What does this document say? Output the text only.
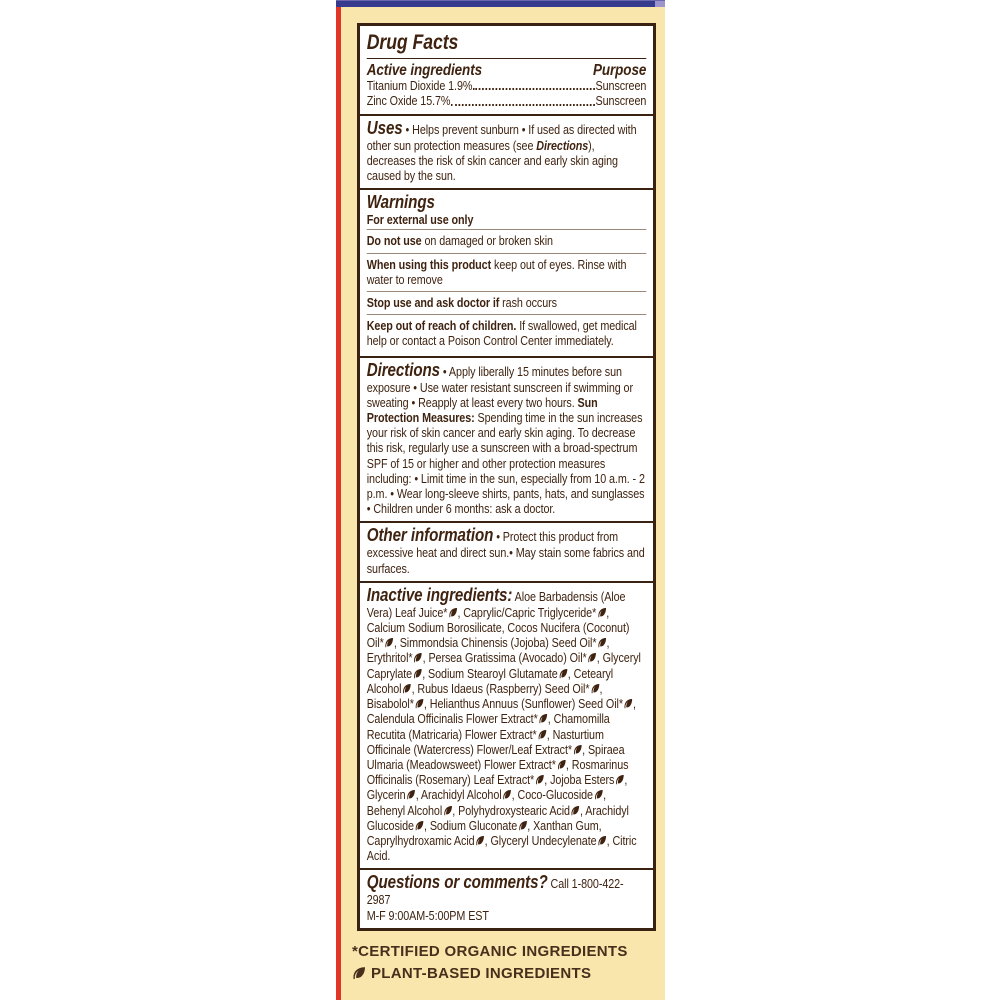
Drug Facts
Active ingredients	Purpose
Titanium Dioxide 1.9%	Sunscreen
Zinc Oxide 15.7%	Sunscreen

Uses • Helps prevent sunburn • If used as directed with other sun protection measures (see Directions), decreases the risk of skin cancer and early skin aging caused by the sun.

Warnings
For external use only
Do not use on damaged or broken skin
When using this product keep out of eyes. Rinse with water to remove
Stop use and ask doctor if rash occurs
Keep out of reach of children. If swallowed, get medical help or contact a Poison Control Center immediately.

Directions • Apply liberally 15 minutes before sun exposure • Use water resistant sunscreen if swimming or sweating • Reapply at least every two hours. Sun Protection Measures: Spending time in the sun increases your risk of skin cancer and early skin aging. To decrease this risk, regularly use a sunscreen with a broad-spectrum SPF of 15 or higher and other protection measures including: • Limit time in the sun, especially from 10 a.m. - 2 p.m. • Wear long-sleeve shirts, pants, hats, and sunglasses • Children under 6 months: ask a doctor.

Other information • Protect this product from excessive heat and direct sun.• May stain some fabrics and surfaces.

Inactive ingredients: Aloe Barbadensis (Aloe Vera) Leaf Juice* , Caprylic/Capric Triglyceride* , Calcium Sodium Borosilicate, Cocos Nucifera (Coconut) Oil* , Simmondsia Chinensis (Jojoba) Seed Oil* , Erythritol* , Persea Gratissima (Avocado) Oil* , Glyceryl Caprylate , Sodium Stearoyl Glutamate , Cetearyl Alcohol , Rubus Idaeus (Raspberry) Seed Oil* , Bisabolol* , Helianthus Annuus (Sunflower) Seed Oil* , Calendula Officinalis Flower Extract* , Chamomilla Recutita (Matricaria) Flower Extract* , Nasturtium Officinale (Watercress) Flower/Leaf Extract* , Spiraea Ulmaria (Meadowsweet) Flower Extract* , Rosmarinus Officinalis (Rosemary) Leaf Extract* , Jojoba Esters , Glycerin , Arachidyl Alcohol , Coco-Glucoside , Behenyl Alcohol , Polyhydroxystearic Acid , Arachidyl Glucoside , Sodium Gluconate , Xanthan Gum, Caprylhydroxamic Acid , Glyceryl Undecylenate , Citric Acid.

Questions or comments? Call 1-800-422-2987

M-F 9:00AM-5:00PM EST
*CERTIFIED ORGANIC INGREDIENTS
PLANT-BASED INGREDIENTS
